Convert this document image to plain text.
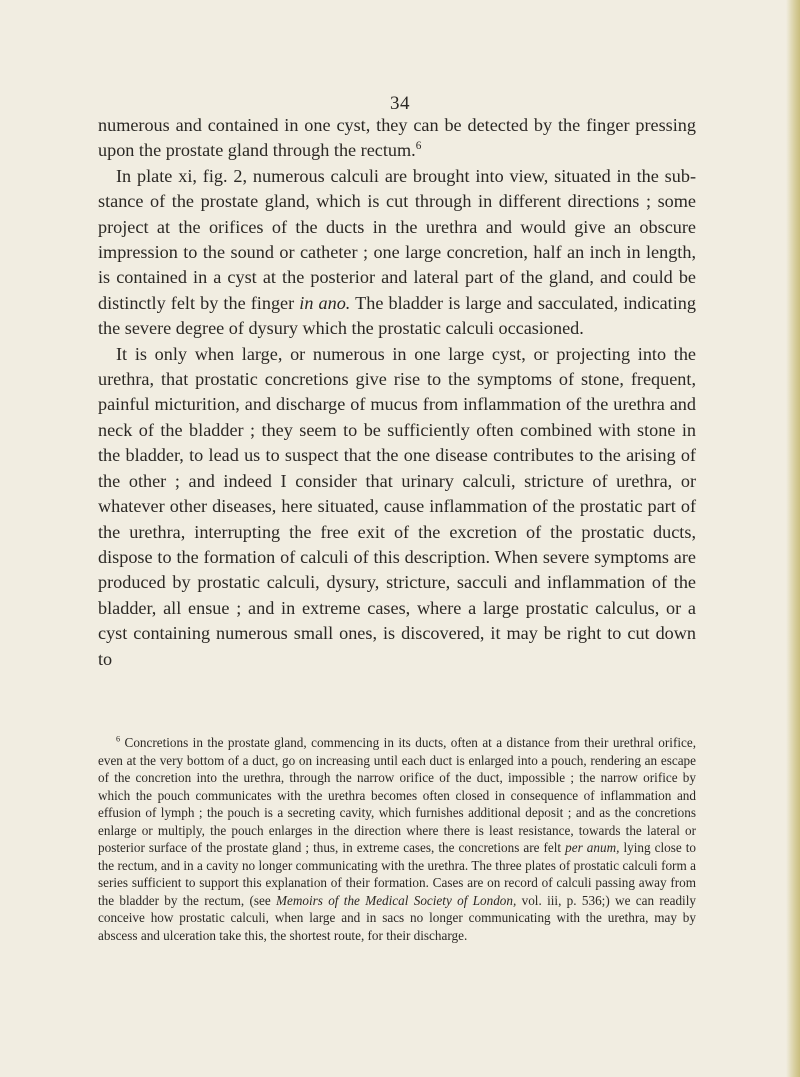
34

numerous and contained in one cyst, they can be detected by the finger pressing upon the prostate gland through the rectum.$^6$

In plate xi, fig. 2, numerous calculi are brought into view, situated in the substance of the prostate gland, which is cut through in different directions ; some project at the orifices of the ducts in the urethra and would give an obscure impression to the sound or catheter ; one large concretion, half an inch in length, is contained in a cyst at the posterior and lateral part of the gland, and could be distinctly felt by the finger in ano. The bladder is large and sacculated, indicating the severe degree of dysury which the prostatic calculi occasioned.

It is only when large, or numerous in one large cyst, or projecting into the urethra, that prostatic concretions give rise to the symptoms of stone, frequent, painful micturition, and discharge of mucus from inflammation of the urethra and neck of the bladder ; they seem to be sufficiently often combined with stone in the bladder, to lead us to suspect that the one disease contributes to the arising of the other ; and indeed I consider that urinary calculi, stricture of urethra, or whatever other diseases, here situated, cause inflammation of the prostatic part of the urethra, interrupting the free exit of the excretion of the prostatic ducts, dispose to the formation of calculi of this description. When severe symptoms are produced by prostatic calculi, dysury, stricture, sacculi and inflammation of the bladder, all ensue ; and in extreme cases, where a large prostatic calculus, or a cyst containing numerous small ones, is discovered, it may be right to cut down to

$^6$ Concretions in the prostate gland, commencing in its ducts, often at a distance from their urethral orifice, even at the very bottom of a duct, go on increasing until each duct is enlarged into a pouch, rendering an escape of the concretion into the urethra, through the narrow orifice of the duct, impossible ; the narrow orifice by which the pouch communicates with the urethra becomes often closed in consequence of inflammation and effusion of lymph ; the pouch is a secreting cavity, which furnishes additional deposit ; and as the concretions enlarge or multiply, the pouch enlarges in the direction where there is least resistance, towards the lateral or posterior surface of the prostate gland ; thus, in extreme cases, the concretions are felt per anum, lying close to the rectum, and in a cavity no longer communicating with the urethra. The three plates of prostatic calculi form a series sufficient to support this explanation of their formation. Cases are on record of calculi passing away from the bladder by the rectum, (see Memoirs of the Medical Society of London, vol. iii, p. 536;) we can readily conceive how prostatic calculi, when large and in sacs no longer communicating with the urethra, may by abscess and ulceration take this, the shortest route, for their discharge.
